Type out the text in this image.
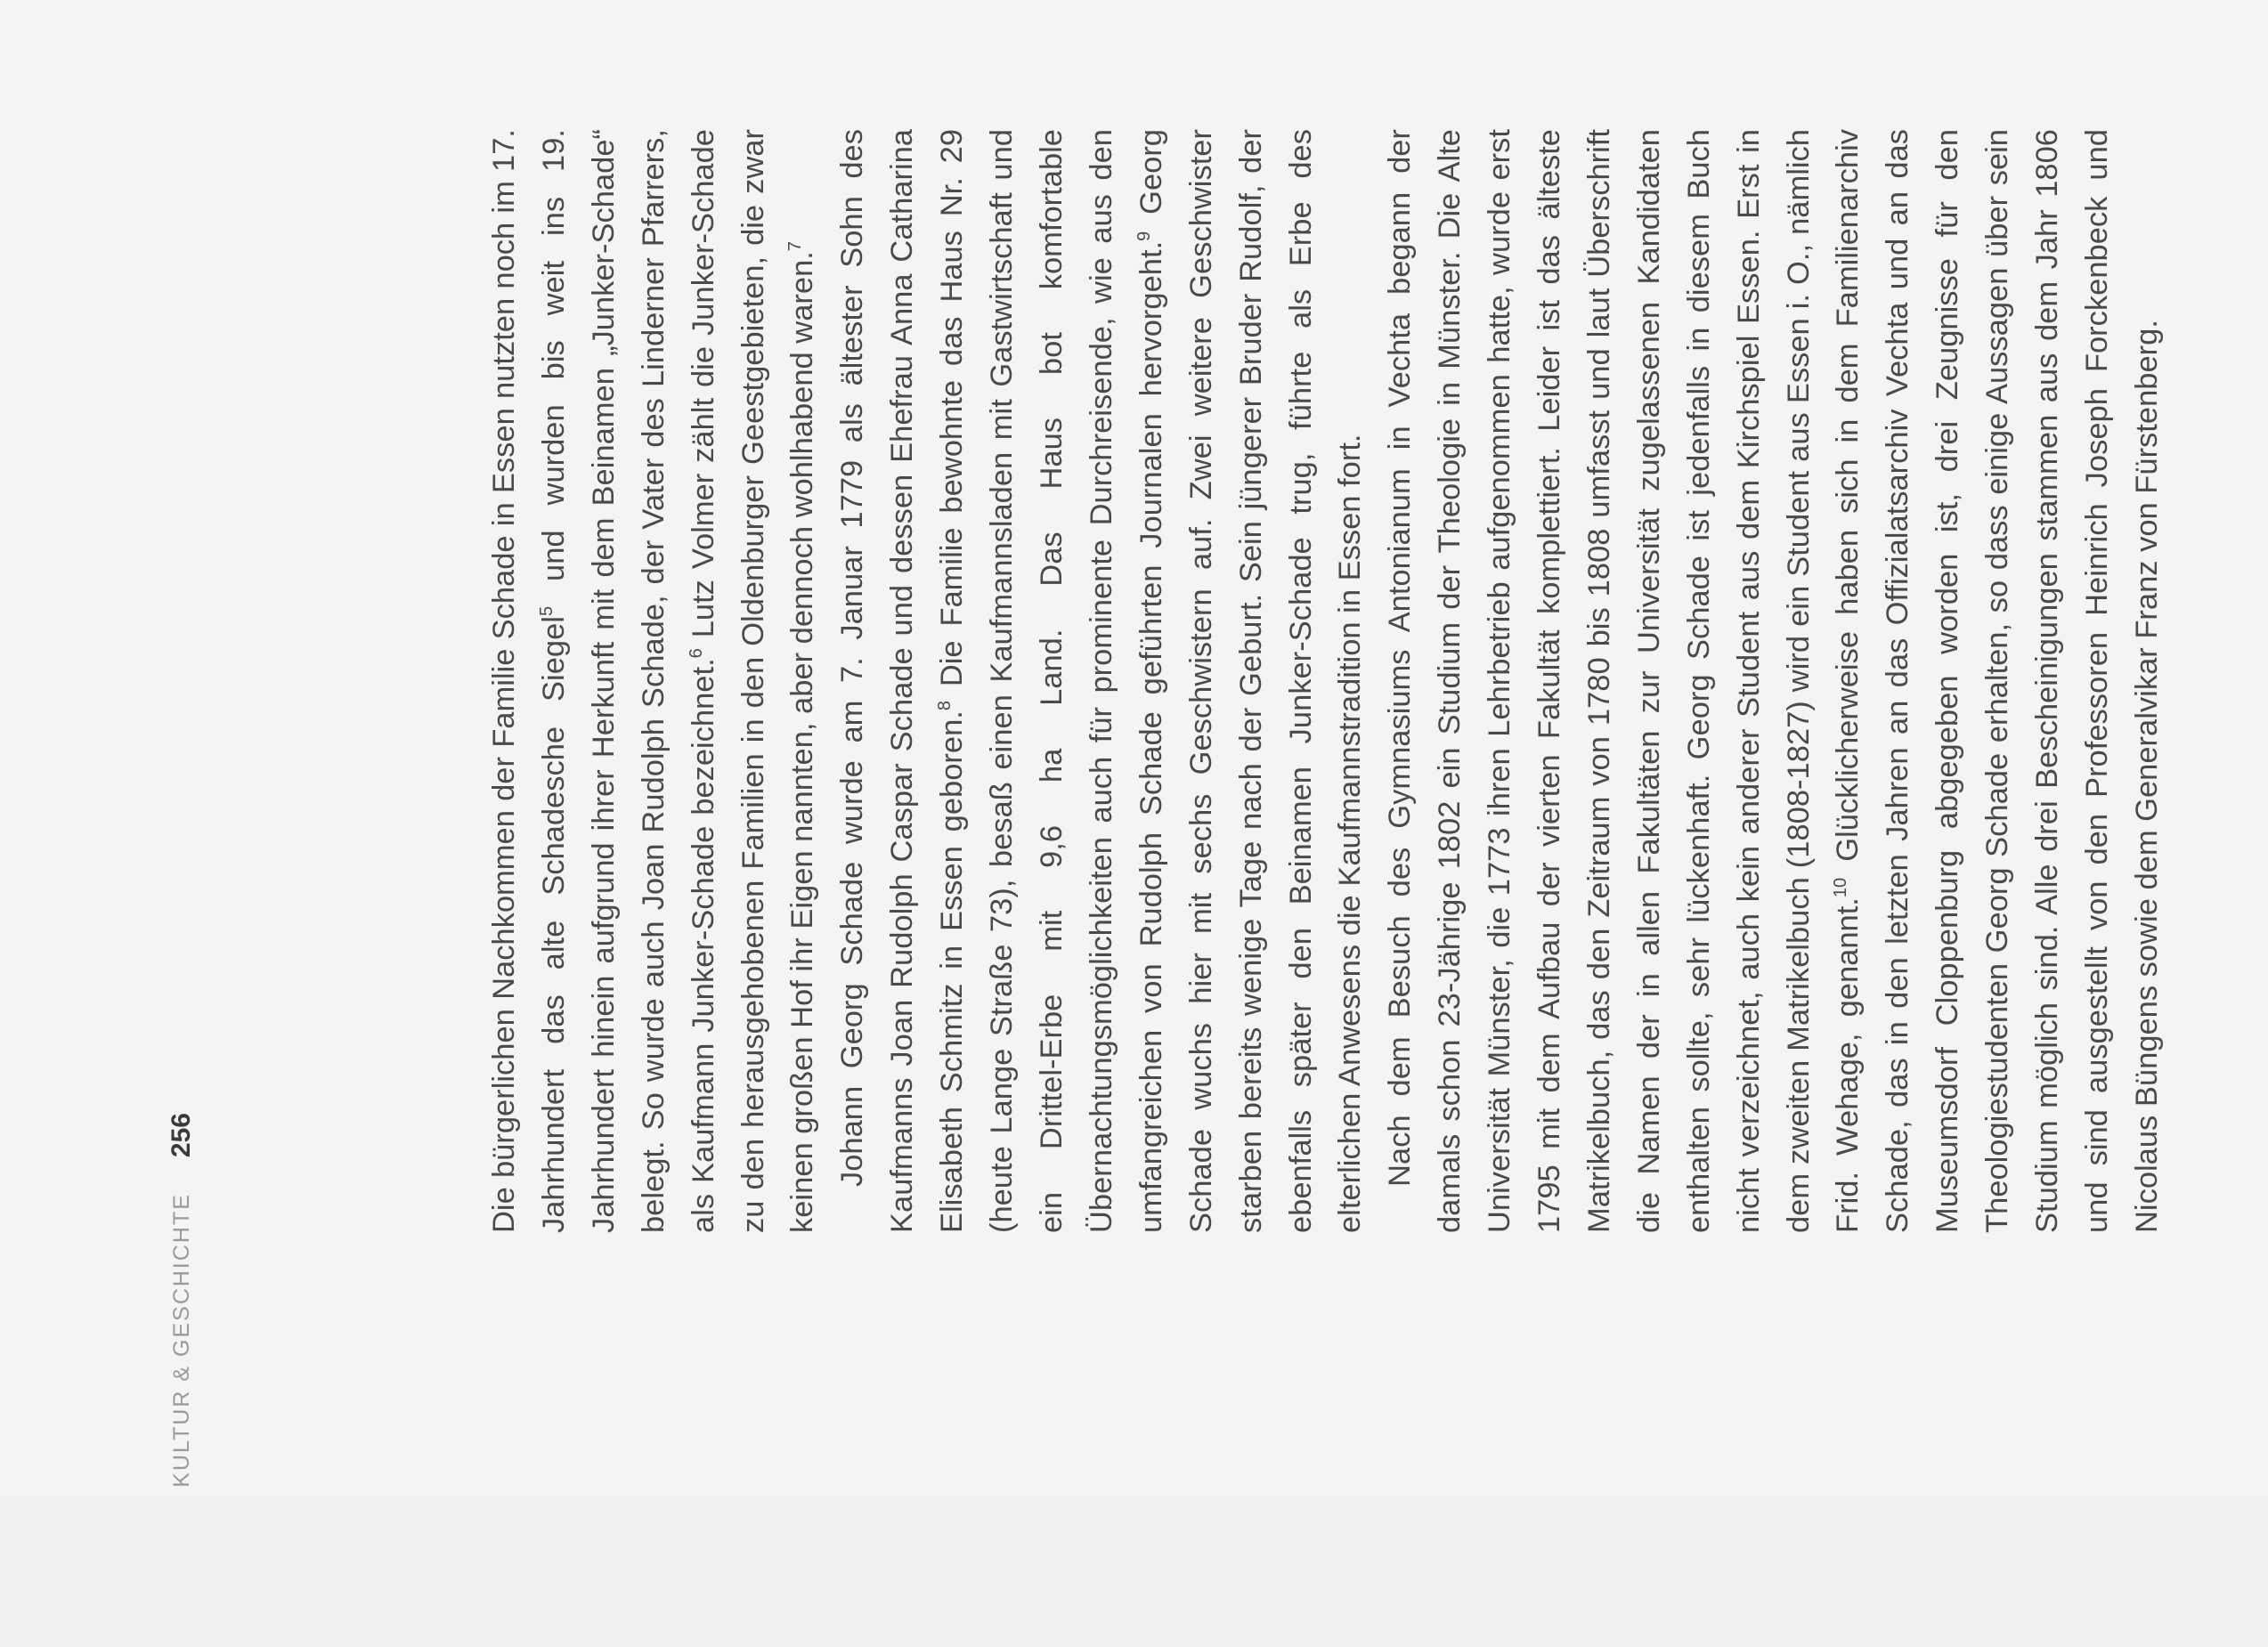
Die bürgerlichen Nachkommen der Familie Schade in Essen nutzten noch im 17. Jahrhundert das alte Schadesche Siegel$^5$ und wurden bis weit ins 19. Jahrhundert hinein aufgrund ihrer Herkunft mit dem Beinamen „Junker-Schade“ belegt. So wurde auch Joan Rudolph Schade, der Vater des Linderner Pfarrers, als Kaufmann Junker-Schade bezeichnet.$^6$ Lutz Volmer zählt die Junker-Schade zu den herausgehobenen Familien in den Oldenburger Geestgebieten, die zwar keinen großen Hof ihr Eigen nannten, aber dennoch wohlhabend waren.$^7$ Johann Georg Schade wurde am 7. Januar 1779 als ältester Sohn des Kaufmanns Joan Rudolph Caspar Schade und dessen Ehefrau Anna Catharina Elisabeth Schmitz in Essen geboren.$^8$ Die Familie bewohnte das Haus Nr. 29 (heute Lange Straße 73), besaß einen Kaufmannsladen mit Gastwirtschaft und ein Drittel-Erbe mit 9,6 ha Land. Das Haus bot komfortable Übernachtungsmöglichkeiten auch für prominente Durchreisende, wie aus den umfangreichen von Rudolph Schade geführten Journalen hervorgeht.$^9$ Georg Schade wuchs hier mit sechs Geschwistern auf. Zwei weitere Geschwister starben bereits wenige Tage nach der Geburt. Sein jüngerer Bruder Rudolf, der ebenfalls später den Beinamen Junker-Schade trug, führte als Erbe des elterlichen Anwesens die Kaufmannstradition in Essen fort. Nach dem Besuch des Gymnasiums Antonianum in Vechta begann der damals schon 23-Jährige 1802 ein Studium der Theologie in Münster. Die Alte Universität Münster, die 1773 ihren Lehrbetrieb aufgenommen hatte, wurde erst 1795 mit dem Aufbau der vierten Fakultät komplettiert. Leider ist das älteste Matrikelbuch, das den Zeitraum von 1780 bis 1808 umfasst und laut Überschrift die Namen der in allen Fakultäten zur Universität zugelassenen Kandidaten enthalten sollte, sehr lückenhaft. Georg Schade ist jedenfalls in diesem Buch nicht verzeichnet, auch kein anderer Student aus dem Kirchspiel Essen. Erst in dem zweiten Matrikelbuch (1808-1827) wird ein Student aus Essen i. O., nämlich Frid. Wehage, genannt.$^{10}$ Glücklicherweise haben sich in dem Familienarchiv Schade, das in den letzten Jahren an das Offizialatsarchiv Vechta und an das Museumsdorf Cloppenburg abgegeben worden ist, drei Zeugnisse für den Theologiestudenten Georg Schade erhalten, so dass einige Aussagen über sein Studium möglich sind. Alle drei Bescheinigungen stammen aus dem Jahr 1806 und sind ausgestellt von den Professoren Heinrich Joseph Forckenbeck und Nicolaus Büngens sowie dem Generalvikar Franz von Fürstenberg.

KULTUR & GESCHICHTE
256
